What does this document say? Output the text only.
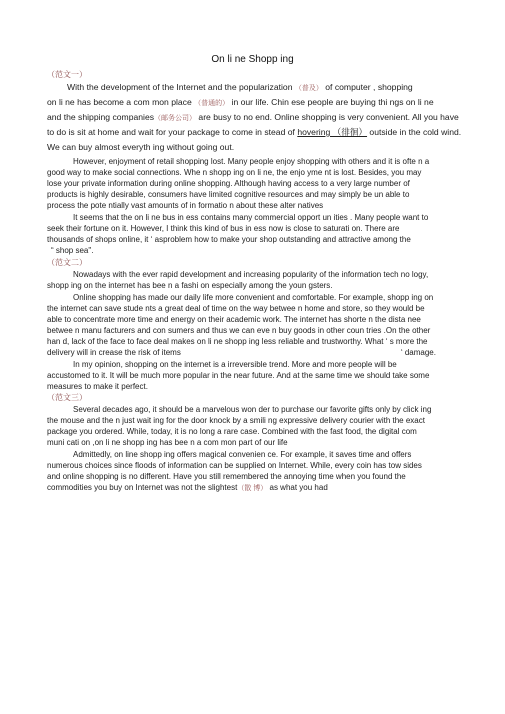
On li ne Shopp ing
（范文一）
With the development of the Internet and the popularization （普及） of computer , shopping
on li ne has become a com mon place （普通的） in our life. Chin ese people are buying thi ngs on li ne
and the shipping companies（邮务公司） are busy to no end. Online shopping is very convenient. All you have
to do is sit at home and wait for your package to come in stead of hovering （徘徊） outside in the cold wind.
We can buy almost everyth ing without going out.
However, enjoyment of retail shopping lost. Many people enjoy shopping with others and it is ofte n a
good way to make social connections. Whe n shopp ing on li ne, the enjo yme nt is lost. Besides, you may
lose your private information during online shopping. Although having access to a very large number of
products is highly desirable, consumers have limited cognitive resources and may simply be un able to
process the pote ntially vast amounts of in formatio n about these alter natives
It seems that the on li ne bus in ess contains many commercial opport un ities . Many people want to
seek their fortune on it. However, I think this kind of bus in ess now is close to saturati on. There are
thousands of shops online, it ‘ asproblem how to make your shop outstanding and attractive among the
“ shop sea".
（范文二）
Nowadays with the ever rapid development and increasing popularity of the information tech no logy,
shopp ing on the internet has bee n a fashi on especially among the youn gsters.
Online shopping has made our daily life more convenient and comfortable. For example, shopp ing on
the internet can save stude nts a great deal of time on the way betwee n home and store, so they would be
able to concentrate more time and energy on their academic work. The internet has shorte n the dista nee
betwee n manu facturers and con sumers and thus we can eve n buy goods in other coun tries .On the other
han d, lack of the face to face deal makes on li ne shopp ing less reliable and trustworthy. What ‘ s more the
delivery will in crease the risk of items	‘ damage.
In my opinion, shopping on the internet is a irreversible trend. More and more people will be
accustomed to it. It will be much more popular in the near future. And at the same time we should take some
measures to make it perfect.
（范文三）
Several decades ago, it should be a marvelous won der to purchase our favorite gifts only by click ing
the mouse and the n just wait ing for the door knock by a smili ng expressive delivery courier with the exact
package you ordered. While, today, it is no long a rare case. Combined with the fast food, the digital com
muni cati on ,on li ne shopp ing has bee n a com mon part of our life
Admittedly, on line shopp ing offers magical convenien ce. For example, it saves time and offers
numerous choices since floods of information can be supplied on Internet. While, every coin has tow sides
and online shopping is no different. Have you still remembered the annoying time when you found the
commodities you buy on Internet was not the slightest（散 博） as what you had
